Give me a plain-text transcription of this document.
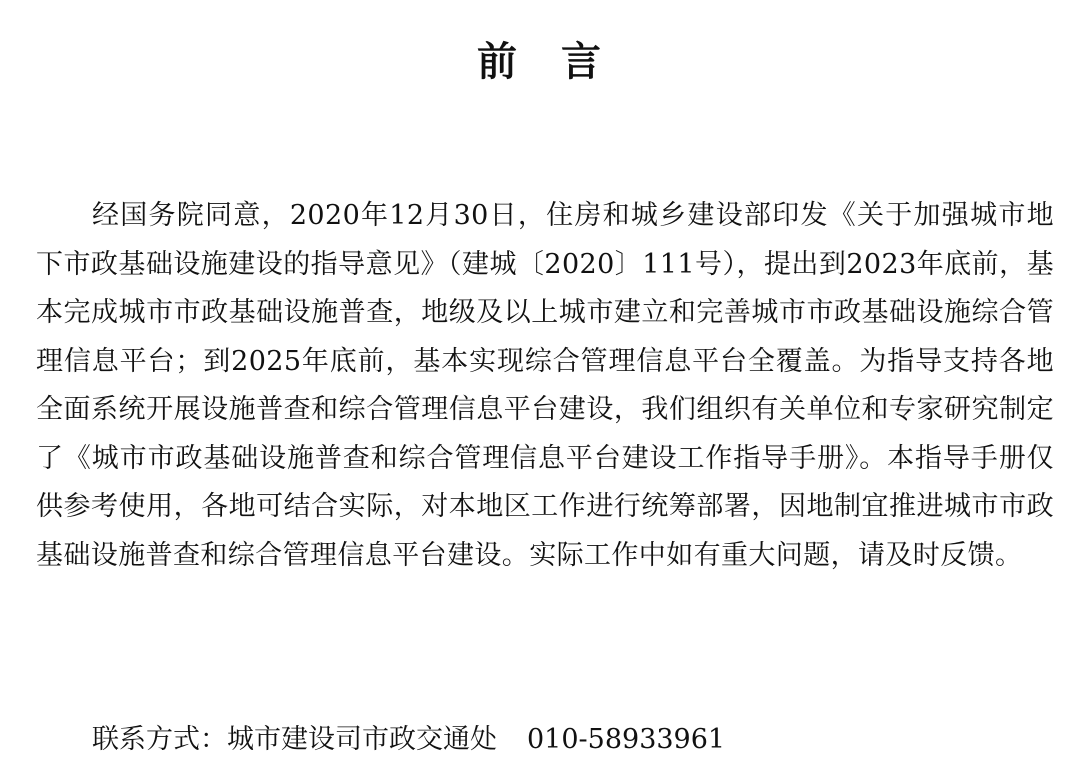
前 言

经国务院同意，2020年12月30日，住房和城乡建设部印发《关于加强城市地下市政基础设施建设的指导意见》（建城〔2020〕111号），提出到2023年底前，基本完成城市市政基础设施普查，地级及以上城市建立和完善城市市政基础设施综合管理信息平台；到2025年底前，基本实现综合管理信息平台全覆盖。为指导支持各地全面系统开展设施普查和综合管理信息平台建设，我们组织有关单位和专家研究制定了《城市市政基础设施普查和综合管理信息平台建设工作指导手册》。本指导手册仅供参考使用，各地可结合实际，对本地区工作进行统筹部署，因地制宜推进城市市政基础设施普查和综合管理信息平台建设。实际工作中如有重大问题，请及时反馈。

联系方式：城市建设司市政交通处 010-58933961
